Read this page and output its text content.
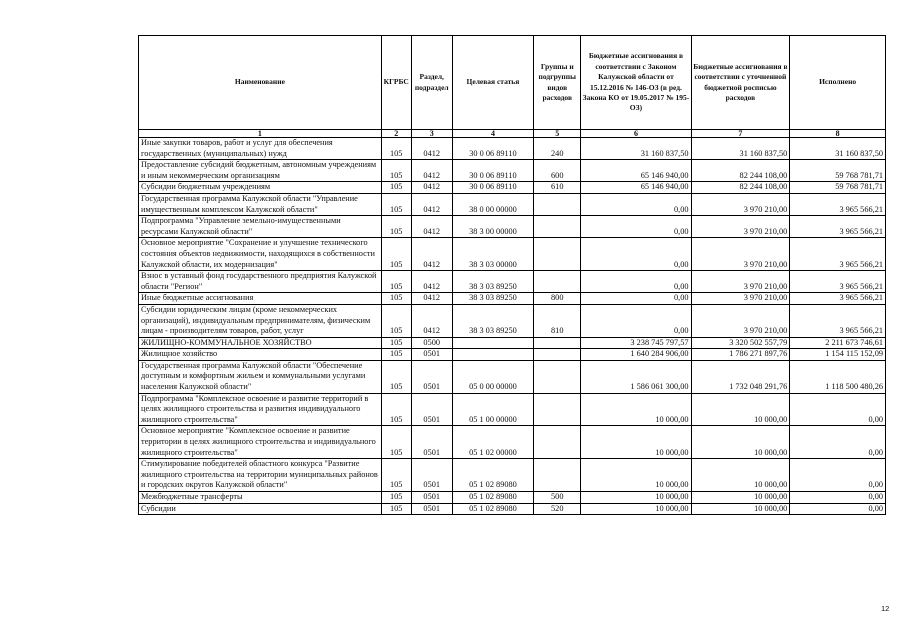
Наименование	КГРБС	Раздел, подраздел	Целевая статья	Группы и подгруппы видов расходов	Бюджетные ассигнования в соответствии с Законом Калужской области от 15.12.2016 № 146-ОЗ (в ред. Закона КО от 19.05.2017 № 195-ОЗ)	Бюджетные ассигнования в соответствии с уточненной бюджетной росписью расходов	Исполнено
1	2	3	4	5	6	7	8
Иные закупки товаров, работ и услуг для обеспечения государственных (муниципальных) нужд	105	0412	30 0 06 89110	240	31 160 837,50	31 160 837,50	31 160 837,50
Предоставление субсидий бюджетным, автономным учреждениям и иным некоммерческим организациям	105	0412	30 0 06 89110	600	65 146 940,00	82 244 108,00	59 768 781,71
Субсидии бюджетным учреждениям	105	0412	30 0 06 89110	610	65 146 940,00	82 244 108,00	59 768 781,71
Государственная программа Калужской области "Управление имущественным комплексом Калужской области"	105	0412	38 0 00 00000		0,00	3 970 210,00	3 965 566,21
Подпрограмма "Управление земельно-имущественными ресурсами Калужской области"	105	0412	38 3 00 00000		0,00	3 970 210,00	3 965 566,21
Основное мероприятие "Сохранение и улучшение технического состояния объектов недвижимости, находящихся в собственности Калужской области, их модернизация"	105	0412	38 3 03 00000		0,00	3 970 210,00	3 965 566,21
Взнос в уставный фонд государственного предприятия Калужской области "Регион"	105	0412	38 3 03 89250		0,00	3 970 210,00	3 965 566,21
Иные бюджетные ассигнования	105	0412	38 3 03 89250	800	0,00	3 970 210,00	3 965 566,21
Субсидии юридическим лицам (кроме некоммерческих организаций), индивидуальным предпринимателям, физическим лицам - производителям товаров, работ, услуг	105	0412	38 3 03 89250	810	0,00	3 970 210,00	3 965 566,21
ЖИЛИЩНО-КОММУНАЛЬНОЕ ХОЗЯЙСТВО	105	0500			3 238 745 797,57	3 320 502 557,79	2 211 673 746,61
Жилищное хозяйство	105	0501			1 640 284 906,00	1 786 271 897,76	1 154 115 152,09
Государственная программа Калужской области "Обеспечение доступным и комфортным жильем и коммунальными услугами населения Калужской области"	105	0501	05 0 00 00000		1 586 061 300,00	1 732 048 291,76	1 118 500 480,26
Подпрограмма "Комплексное освоение и развитие территорий в целях жилищного строительства и развития индивидуального жилищного строительства"	105	0501	05 1 00 00000		10 000,00	10 000,00	0,00
Основное мероприятие "Комплексное освоение и развитие территории в целях жилищного строительства и индивидуального жилищного строительства"	105	0501	05 1 02 00000		10 000,00	10 000,00	0,00
Стимулирование победителей областного конкурса "Развитие жилищного строительства на территории муниципальных районов и городских округов Калужской области"	105	0501	05 1 02 89080		10 000,00	10 000,00	0,00
Межбюджетные трансферты	105	0501	05 1 02 89080	500	10 000,00	10 000,00	0,00
Субсидии	105	0501	05 1 02 89080	520	10 000,00	10 000,00	0,00
12
